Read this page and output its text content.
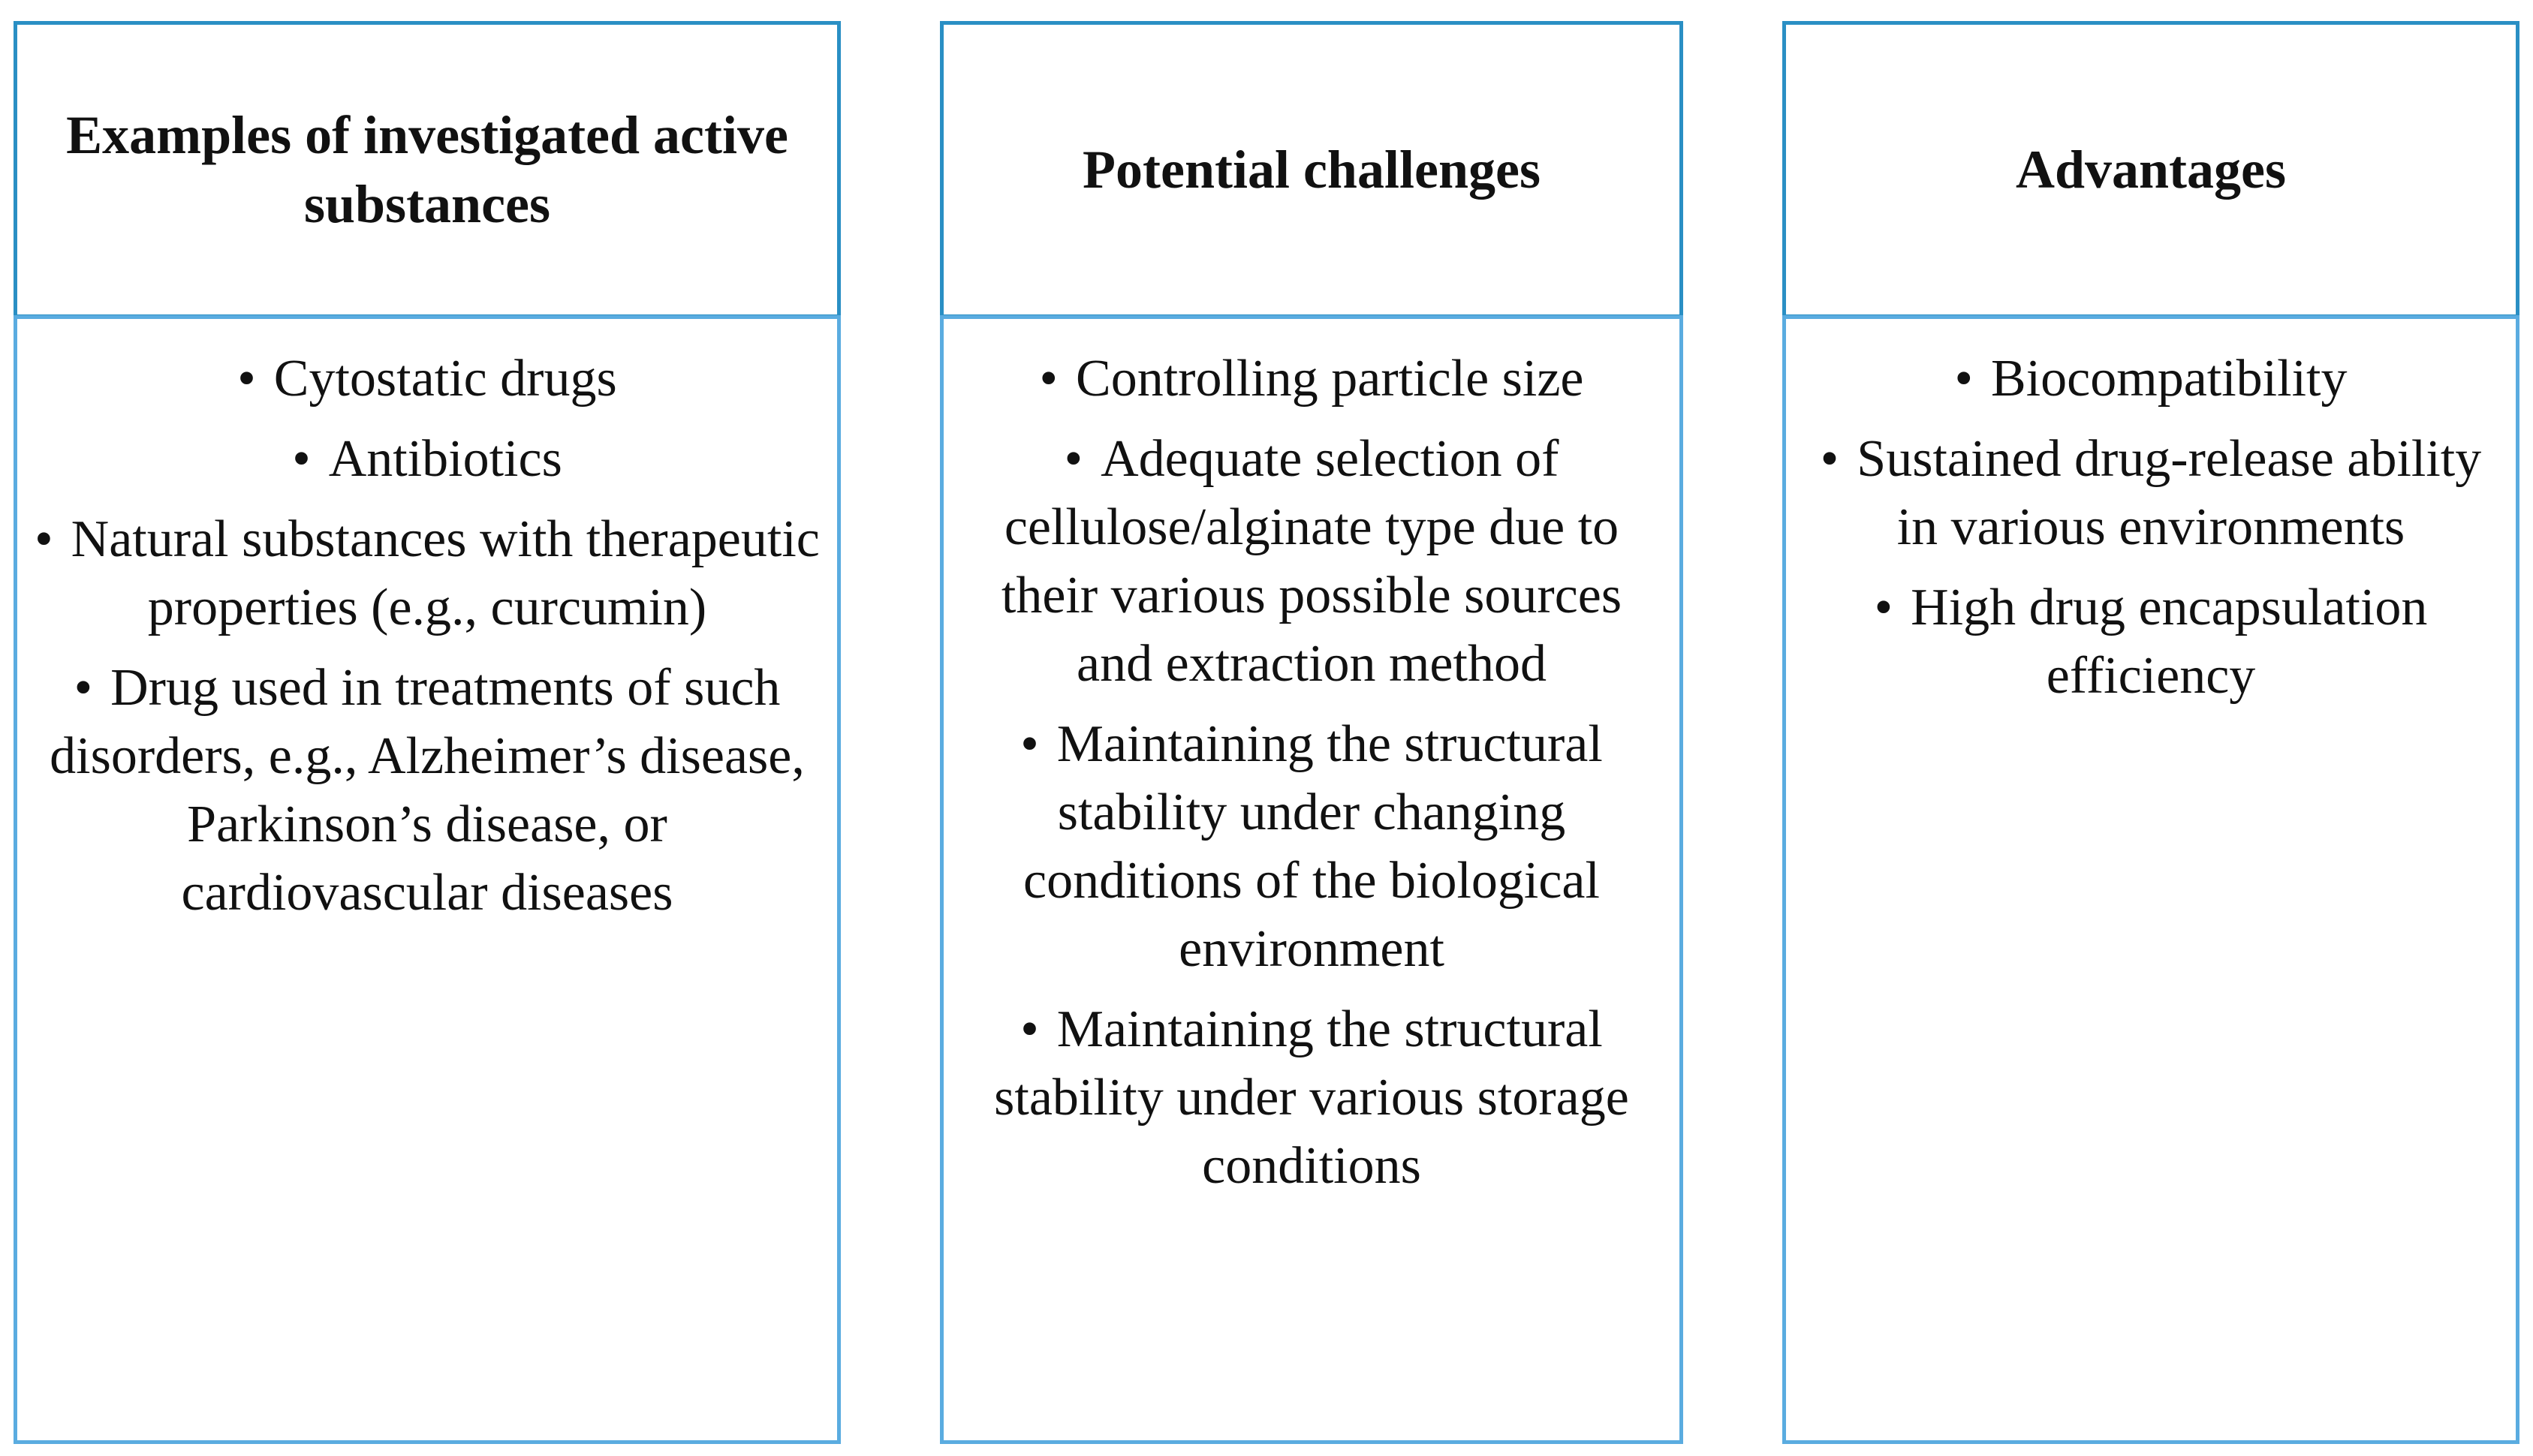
Examples of investigated active substances
• Cytostatic drugs
• Antibiotics
• Natural substances with therapeutic properties (e.g., curcumin)
• Drug used in treatments of such disorders, e.g., Alzheimer’s disease, Parkinson’s disease, or cardiovascular diseases
Potential challenges
• Controlling particle size
• Adequate selection of cellulose/alginate type due to their various possible sources and extraction method
• Maintaining the structural stability under changing conditions of the biological environment
• Maintaining the structural stability under various storage conditions
Advantages
• Biocompatibility
• Sustained drug-release ability in various environments
• High drug encapsulation efficiency
